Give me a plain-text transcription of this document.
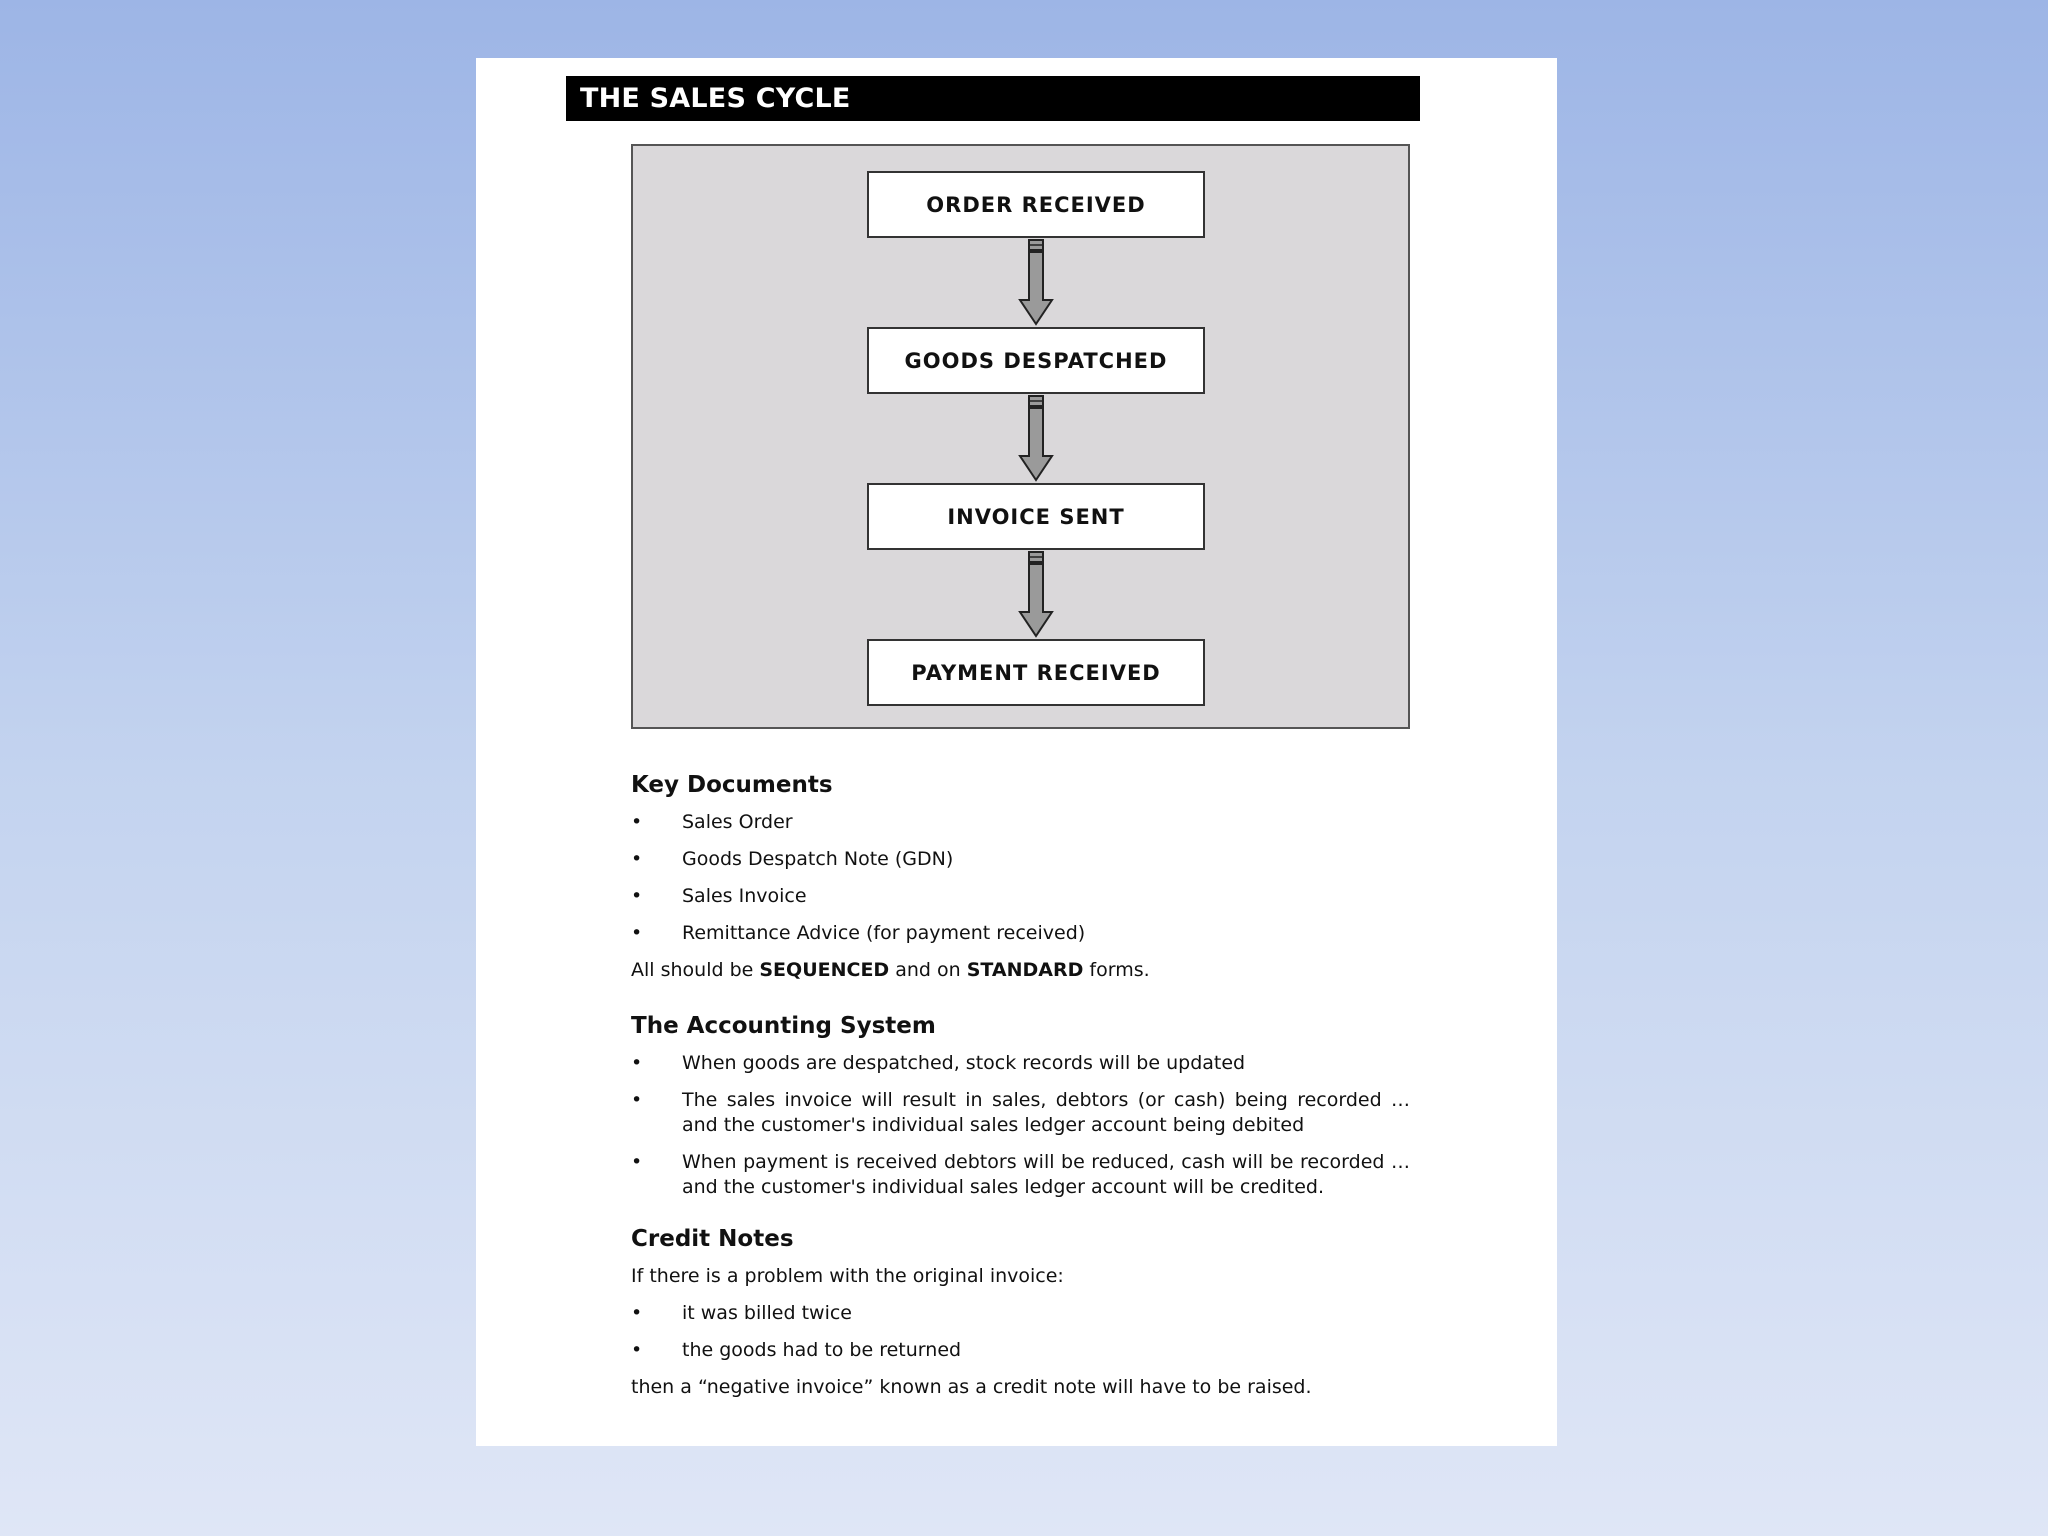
THE SALES CYCLE
ORDER RECEIVED
GOODS DESPATCHED
INVOICE SENT
PAYMENT RECEIVED
Key Documents
• Sales Order
• Goods Despatch Note (GDN)
• Sales Invoice
• Remittance Advice (for payment received)

All should be SEQUENCED and on STANDARD forms.

The Accounting System
• When goods are despatched, stock records will be updated
• The sales invoice will result in sales, debtors (or cash) being recorded … and the customer's individual sales ledger account being debited
• When payment is received debtors will be reduced, cash will be recorded … and the customer's individual sales ledger account will be credited.
Credit Notes

If there is a problem with the original invoice:

• it was billed twice
• the goods had to be returned

then a “negative invoice” known as a credit note will have to be raised.
